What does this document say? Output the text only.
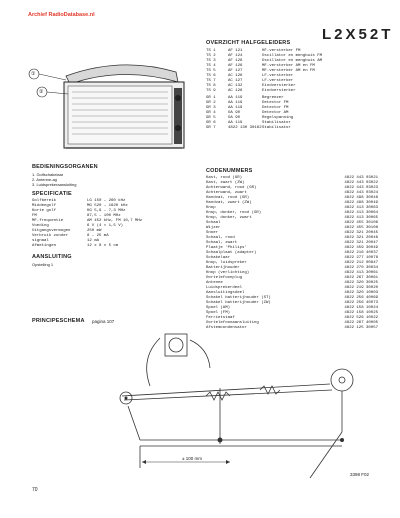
Archief RadioDatabase.nl
L2X52T
①
②
OVERZICHT HALFGELEIDERS
TS 1	AF 121	HF-versterker FM
TS 2	AF 124	Oscillator en mengbuis FM
TS 3	AF 126	Oscillator en mengbuis AM
TS 4	AF 126	MF-versterker AM en FM
TS 5	AF 127	MF-versterker AM en FM
TS 6	AC 126	LF-versterker
TS 7	AC 127	LF-versterker
TS 8	AC 132	Eindversterker
TS 9	AC 126	Eindversterker
GR 1	AA 119	Begrenzer
GR 2	AA 119	Detector FM
GR 3	AA 119	Detector FM
GR 4	OA 90	Detector AM
GR 5	OA 90	Regelspanning
GR 6	AA 119	Stabilisator
GR 7	4822 130 30162 Stabilisator
BEDIENINGSORGANEN
1. Golfschakelaar
2. Antenne-ag
3. Luidsprekeraansluiting
SPECIFICATIE
Golfbereik	LG 150 – 260 kHz
Middengolf	MG 520 – 1620 kHz
Korte golf	KG 5,9 – 7,3 MHz
FM	87,5 – 100 MHz
MF-frequentie	AM 452 kHz, FM 10,7 MHz
Voeding	6 V (4 × 1,5 V)
Uitgangsvermogen	250 mW
Verbruik zonder	8 – 25 mA
signaal	12 mA
Afmetingen	12 x 8 x 5 cm
AANSLUITING
Opstelling 1
CODENUMMERS
Kast, rood (GR)	4822 443 03021
Kast, zwart (ZW)	4822 443 03022
Achterwand, rood (GR)	4822 443 03023
Achterwand, zwart	4822 443 03024
Handvat, rood (GR)	4822 498 30048
Handvat, zwart (ZW)	4822 498 30049
Knop	4822 413 30063
Knop, donker, rood (GR)	4822 413 30064
Knop, donker, zwart	4822 413 30065
Schaal	4822 455 30106
Wijzer	4822 455 30108
Snoer	4822 321 20045
Schaal, rood	4822 321 20046
Schaal, zwart	4822 321 20047
Plaatje 'Philips'	4822 459 30049
Schaalplaat (adapter)	4822 216 40037
Schakelaar	4822 277 10078
Knop, luidspreker	4822 212 00847
Batterijhouder	4822 270 30034
Knop (verlichting)	4822 413 30061
Oortelefoonplug	4822 267 30061
Antenne	4822 320 30025
Luidsprekerdeel	4822 219 30020
Aansluitingsdeel	4822 320 10003
Schakel batterijhouder (ST)	4822 256 40069
Schakel batterijhouder (ZW)	4822 256 40073
Spoel (AM)	4822 158 10024
Spoel (FM)	4822 158 10025
Ferrietstaaf	4822 526 10022
Oortelefoonaansluiting	4822 267 40005
Afstemcondensator	4822 125 30057
PRINCIPESCHEMA pagina 107
± 100 mm
3398 F02
70
